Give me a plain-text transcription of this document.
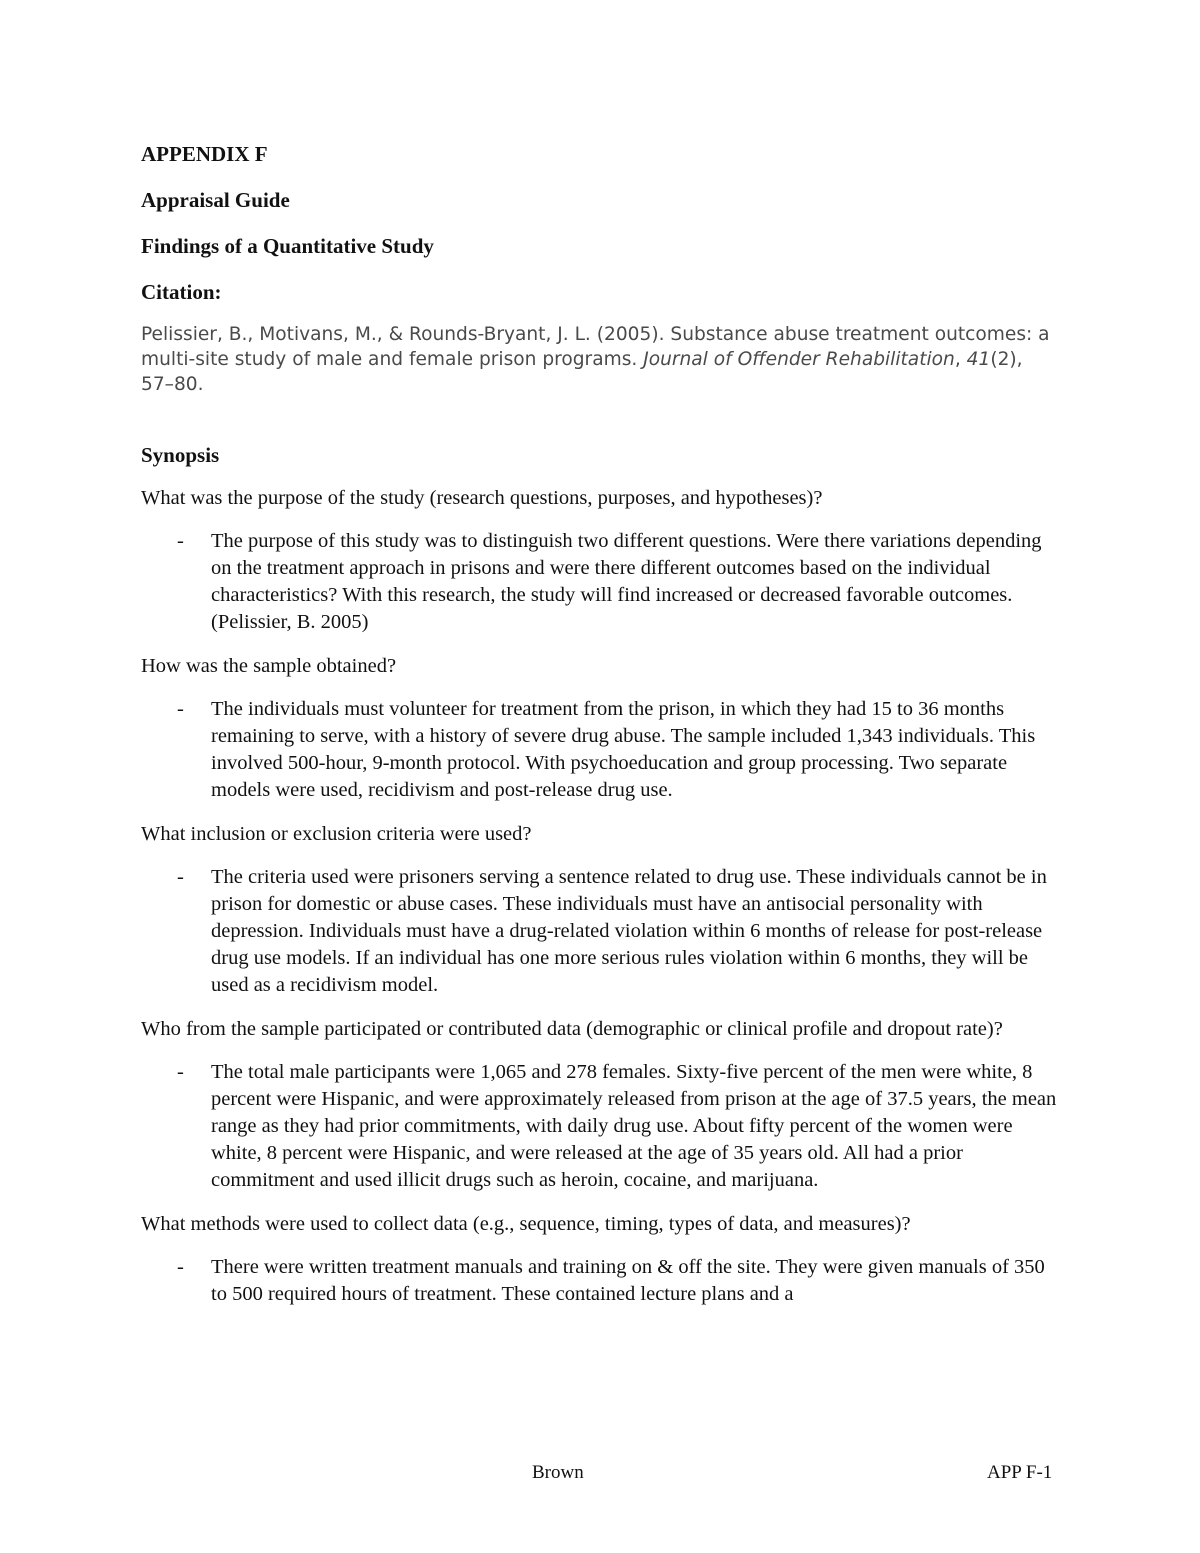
APPENDIX F
Appraisal Guide
Findings of a Quantitative Study
Citation:
Pelissier, B., Motivans, M., & Rounds-Bryant, J. L. (2005). Substance abuse treatment outcomes: a multi-site study of male and female prison programs. Journal of Offender Rehabilitation, 41(2), 57–80.
Synopsis
What was the purpose of the study (research questions, purposes, and hypotheses)?
- The purpose of this study was to distinguish two different questions. Were there variations depending on the treatment approach in prisons and were there different outcomes based on the individual characteristics? With this research, the study will find increased or decreased favorable outcomes. (Pelissier, B. 2005)
How was the sample obtained?
- The individuals must volunteer for treatment from the prison, in which they had 15 to 36 months remaining to serve, with a history of severe drug abuse. The sample included 1,343 individuals. This involved 500-hour, 9-month protocol. With psychoeducation and group processing. Two separate models were used, recidivism and post-release drug use.
What inclusion or exclusion criteria were used?
- The criteria used were prisoners serving a sentence related to drug use. These individuals cannot be in prison for domestic or abuse cases. These individuals must have an antisocial personality with depression. Individuals must have a drug-related violation within 6 months of release for post-release drug use models. If an individual has one more serious rules violation within 6 months, they will be used as a recidivism model.
Who from the sample participated or contributed data (demographic or clinical profile and dropout rate)?
- The total male participants were 1,065 and 278 females. Sixty-five percent of the men were white, 8 percent were Hispanic, and were approximately released from prison at the age of 37.5 years, the mean range as they had prior commitments, with daily drug use. About fifty percent of the women were white, 8 percent were Hispanic, and were released at the age of 35 years old. All had a prior commitment and used illicit drugs such as heroin, cocaine, and marijuana.
What methods were used to collect data (e.g., sequence, timing, types of data, and measures)?
- There were written treatment manuals and training on & off the site. They were given manuals of 350 to 500 required hours of treatment. These contained lecture plans and a
Brown	APP F-1
